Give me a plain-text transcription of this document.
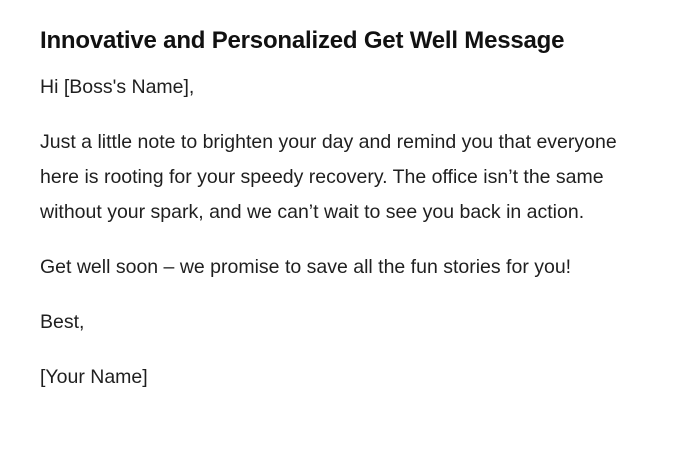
Innovative and Personalized Get Well Message

Hi [Boss's Name],

Just a little note to brighten your day and remind you that everyone here is rooting for your speedy recovery. The office isn’t the same without your spark, and we can’t wait to see you back in action.

Get well soon – we promise to save all the fun stories for you!

Best,

[Your Name]
